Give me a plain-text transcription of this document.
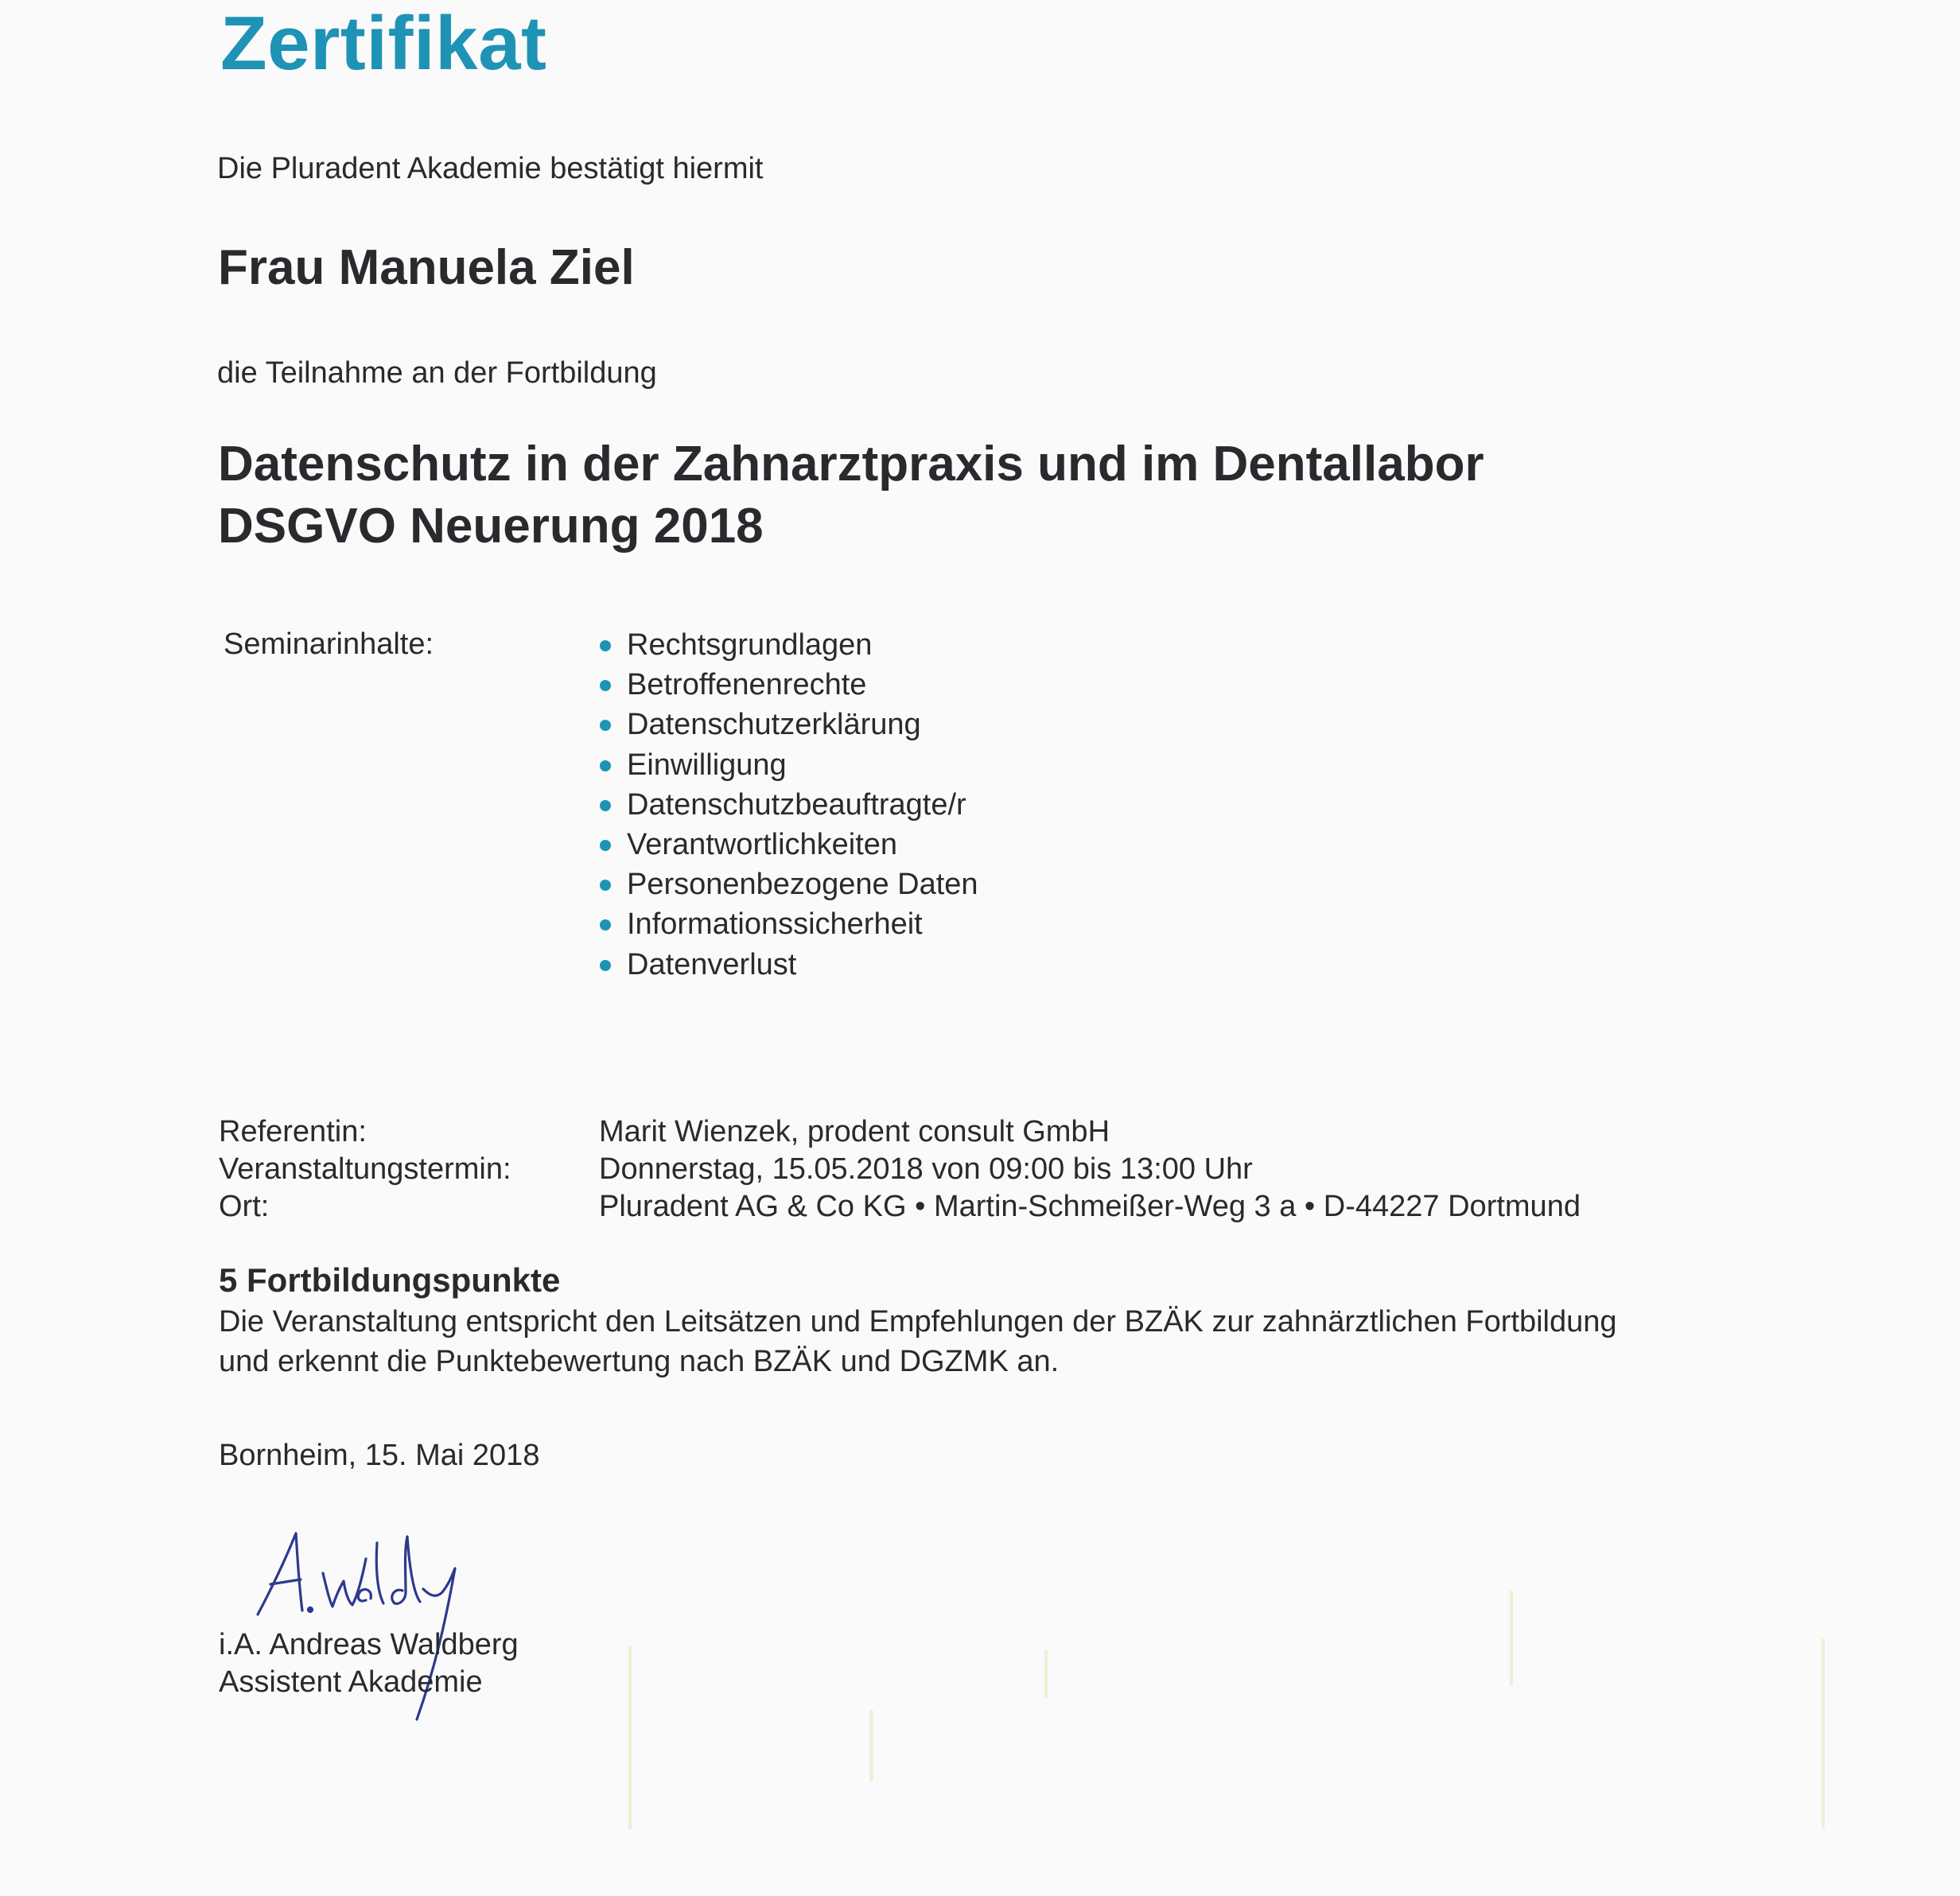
Zertifikat
Die Pluradent Akademie bestätigt hiermit
Frau Manuela Ziel
die Teilnahme an der Fortbildung
Datenschutz in der Zahnarztpraxis und im Dentallabor
DSGVO Neuerung 2018
Seminarinhalte:	Rechtsgrundlagen
Betroffenenrechte
Datenschutzerklärung
Einwilligung
Datenschutzbeauftragte/r
Verantwortlichkeiten
Personenbezogene Daten
Informationssicherheit
Datenverlust
Referentin:	Marit Wienzek, prodent consult GmbH
Veranstaltungstermin:	Donnerstag, 15.05.2018 von 09:00 bis 13:00 Uhr
Ort:	Pluradent AG & Co KG • Martin-Schmeißer-Weg 3 a • D-44227 Dortmund
5 Fortbildungspunkte
Die Veranstaltung entspricht den Leitsätzen und Empfehlungen der BZÄK zur zahnärztlichen Fortbildung
und erkennt die Punktebewertung nach BZÄK und DGZMK an.
Bornheim, 15. Mai 2018
i.A. Andreas Waldberg
Assistent Akademie
